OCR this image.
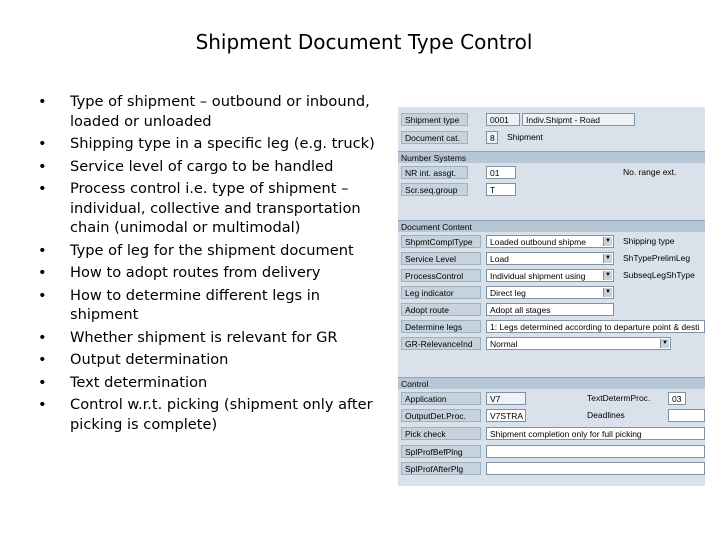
Shipment Document Type Control
• Type of shipment – outbound or inbound, loaded or unloaded
• Shipping type in a specific leg (e.g. truck)
• Service level of cargo to be handled
• Process control i.e. type of shipment – individual, collective and transportation chain (unimodal or multimodal)
• Type of leg for the shipment document
• How to adopt routes from delivery
• How to determine different legs in shipment
• Whether shipment is relevant for GR
• Output determination
• Text determination
• Control w.r.t. picking (shipment only after picking is complete)
Shipment type	0001	Indiv.Shipmt - Road
Document cat.	8	Shipment
Number Systems
NR int. assgt.	01	No. range ext.
Scr.seq.group	T
Document Content
ShpmtComplType	Loaded outbound shipme	▼	Shipping type
Service Level	Load	▼	ShTypePrelimLeg
ProcessControl	Individual shipment using	▼	SubseqLegShType
Leg indicator	Direct leg	▼
Adopt route	Adopt all stages
Determine legs	1: Legs determined according to departure point & desti
GR-RelevanceInd	Normal	▼
Control
Application	V7	TextDetermProc.	03
OutputDet.Proc.	V7STRA	Deadlines
Pick check	Shipment completion only for full picking
SplProfBefPlng
SplProfAfterPlg
